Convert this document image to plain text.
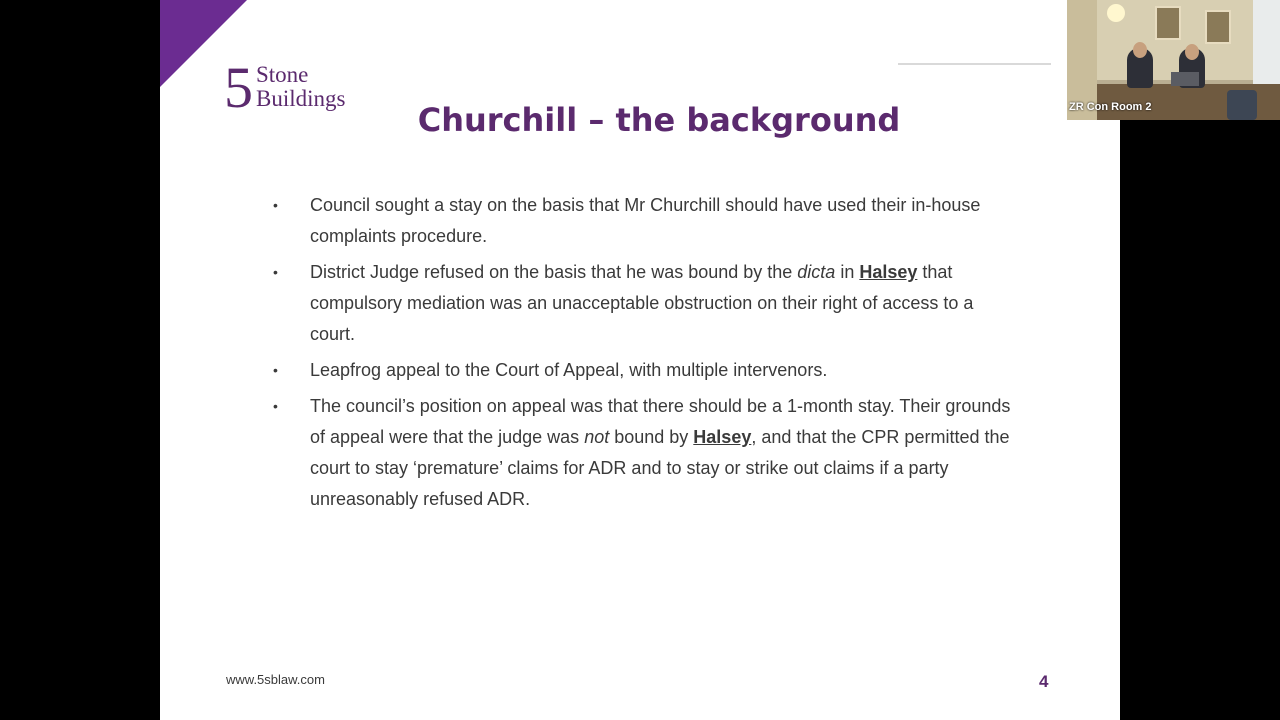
5 Stone
Buildings
Churchill – the background
• Council sought a stay on the basis that Mr Churchill should have used their in-house complaints procedure.
• District Judge refused on the basis that he was bound by the dicta in Halsey that compulsory mediation was an unacceptable obstruction on their right of access to a court.
• Leapfrog appeal to the Court of Appeal, with multiple intervenors.
• The council’s position on appeal was that there should be a 1-month stay. Their grounds of appeal were that the judge was not bound by Halsey, and that the CPR permitted the court to stay ‘premature’ claims for ADR and to stay or strike out claims if a party unreasonably refused ADR.
www.5sblaw.com	4
ZR Con Room 2
